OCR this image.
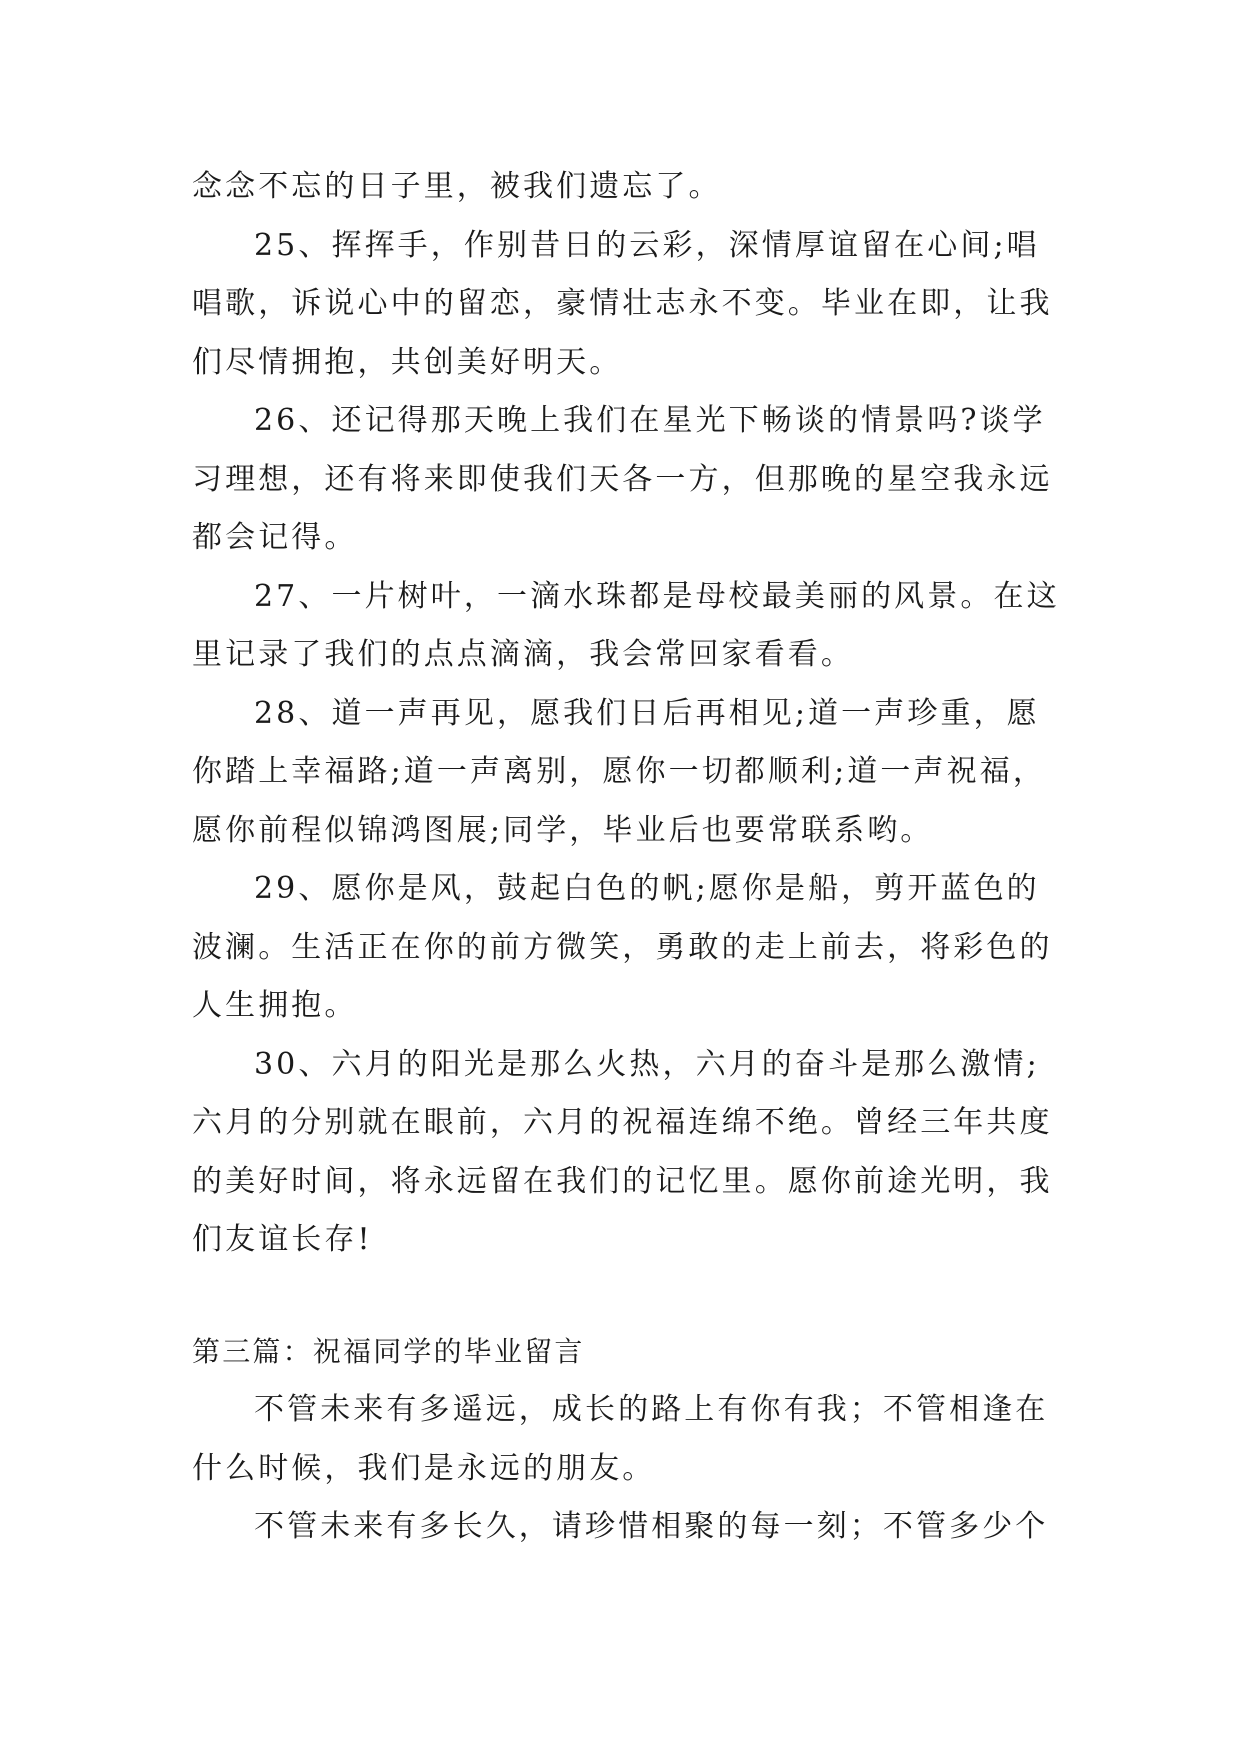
念念不忘的日子里，被我们遗忘了。
25、挥挥手，作别昔日的云彩，深情厚谊留在心间;唱
唱歌，诉说心中的留恋，豪情壮志永不变。毕业在即，让我
们尽情拥抱，共创美好明天。
26、还记得那天晚上我们在星光下畅谈的情景吗?谈学
习理想，还有将来即使我们天各一方，但那晚的星空我永远
都会记得。
27、一片树叶，一滴水珠都是母校最美丽的风景。在这
里记录了我们的点点滴滴，我会常回家看看。
28、道一声再见，愿我们日后再相见;道一声珍重，愿
你踏上幸福路;道一声离别，愿你一切都顺利;道一声祝福，
愿你前程似锦鸿图展;同学，毕业后也要常联系哟。
29、愿你是风，鼓起白色的帆;愿你是船，剪开蓝色的
波澜。生活正在你的前方微笑，勇敢的走上前去，将彩色的
人生拥抱。
30、六月的阳光是那么火热，六月的奋斗是那么激情;
六月的分别就在眼前，六月的祝福连绵不绝。曾经三年共度
的美好时间，将永远留在我们的记忆里。愿你前途光明，我
们友谊长存!
第三篇：祝福同学的毕业留言
不管未来有多遥远，成长的路上有你有我；不管相逢在
什么时候，我们是永远的朋友。
不管未来有多长久，请珍惜相聚的每一刻；不管多少个
